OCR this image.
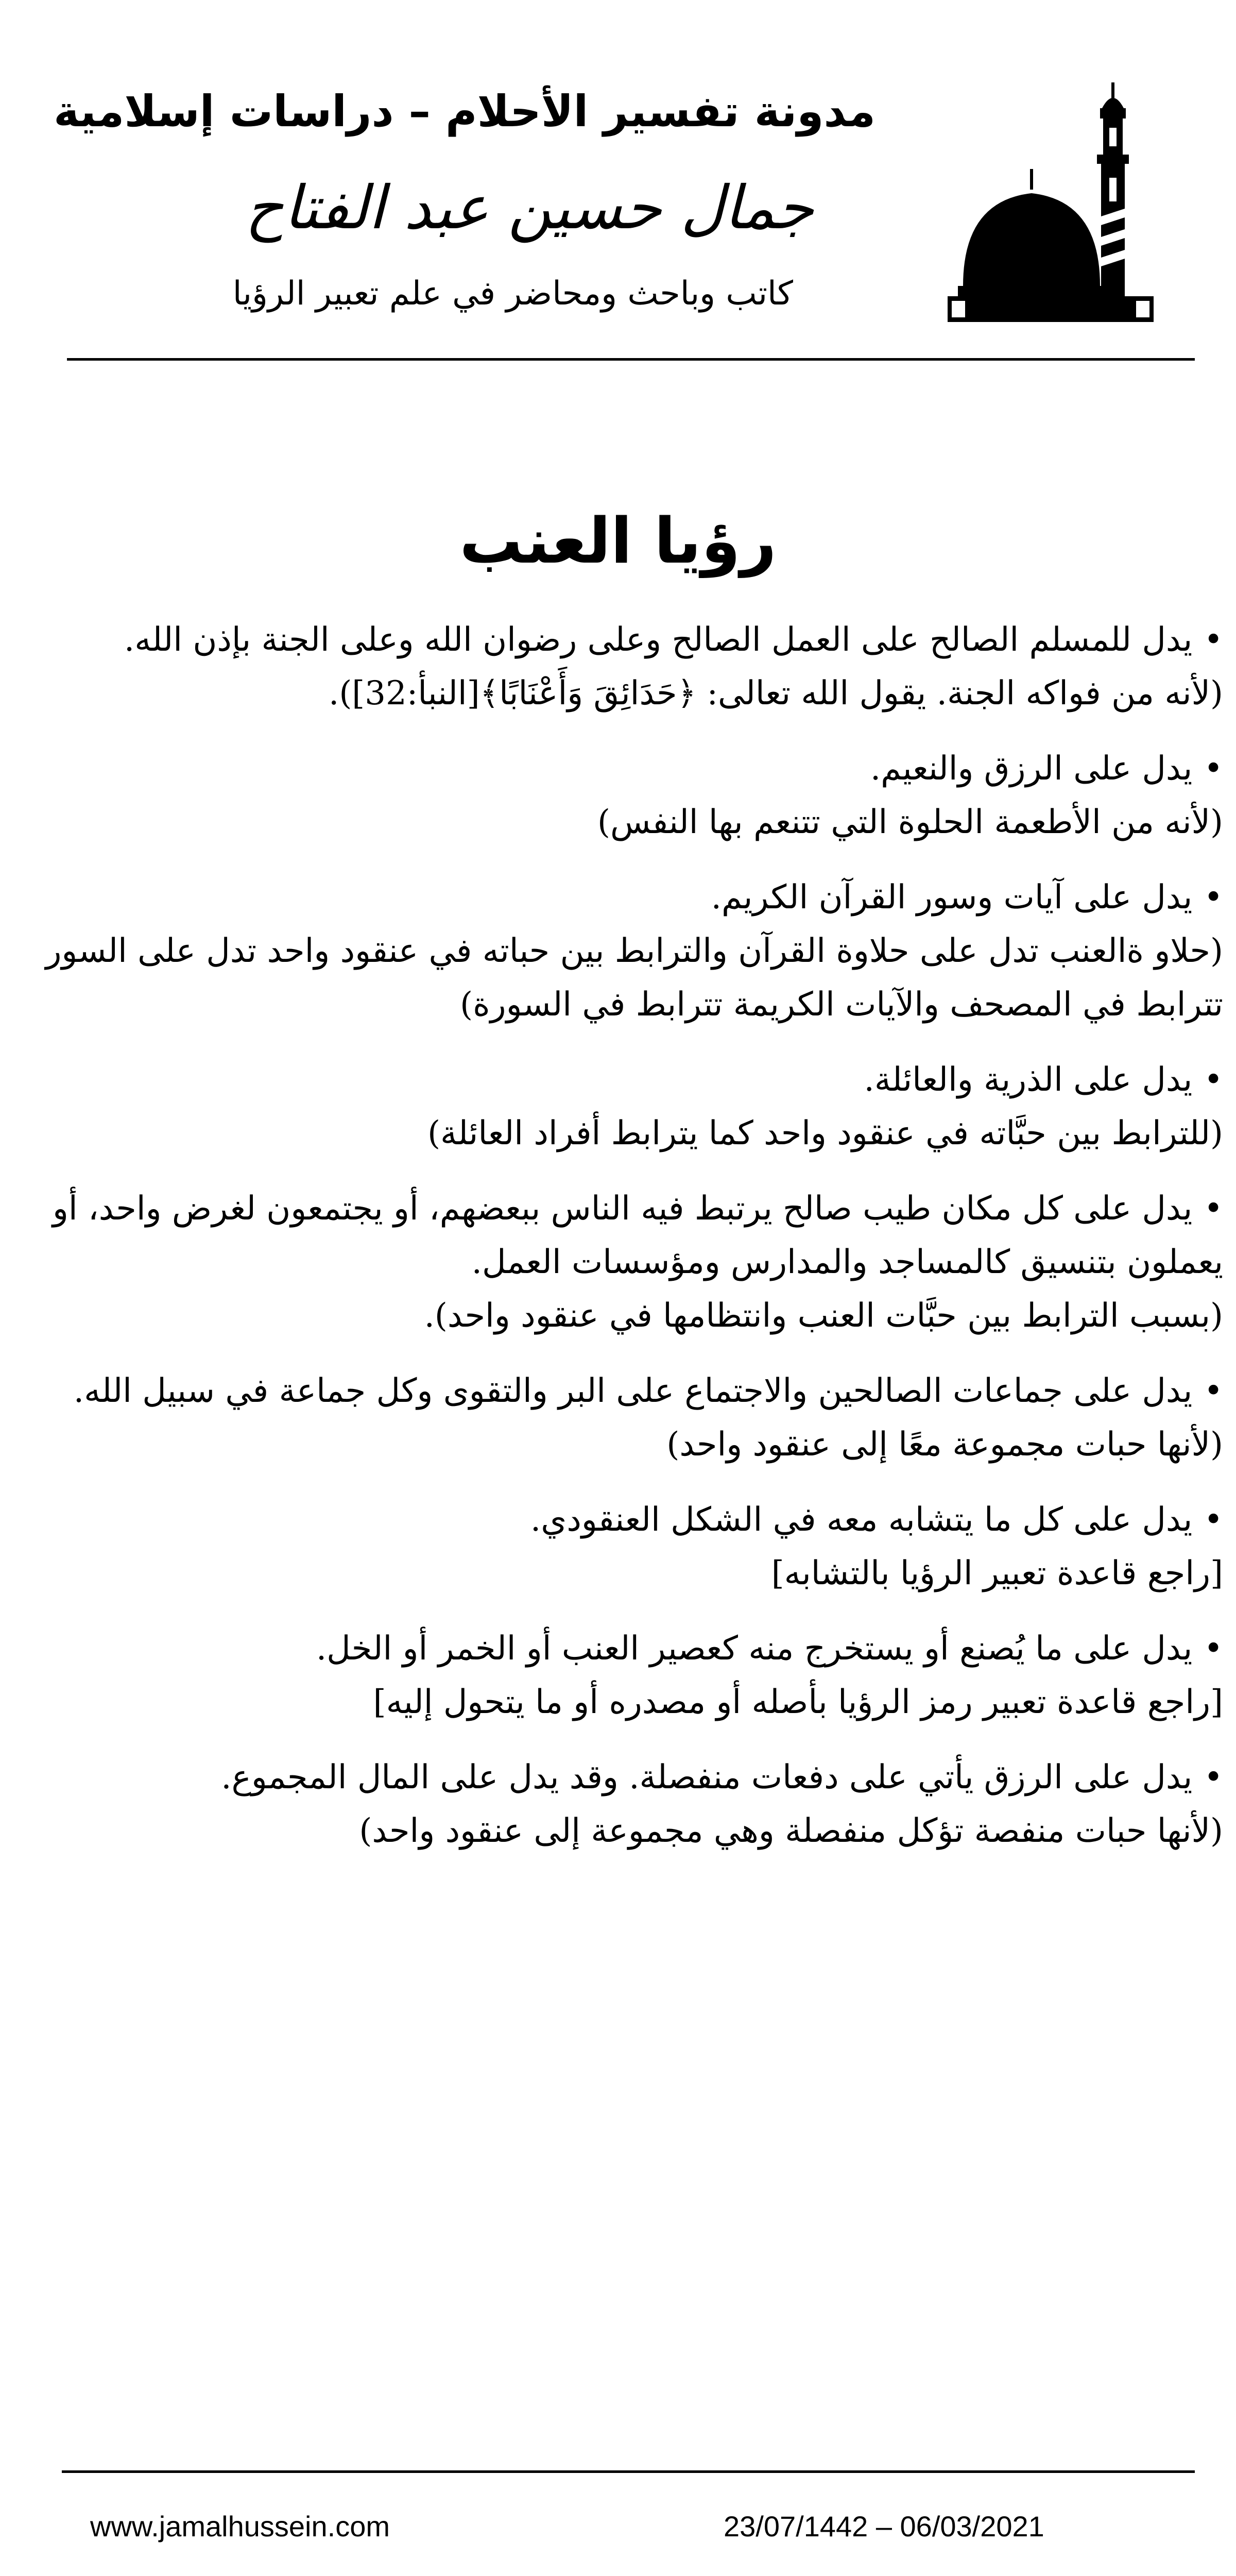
مدونة تفسير الأحلام – دراسات إسلامية
جمال حسين عبد الفتاح
كاتب وباحث ومحاضر في علم تعبير الرؤيا
رؤيا العنب

•يدل للمسلم الصالح على العمل الصالح وعلى رضوان الله وعلى الجنة بإذن الله.

(لأنه من فواكه الجنة. يقول الله تعالى: ﴿حَدَائِقَ وَأَعْنَابًا﴾[النبأ:32]).

•يدل على الرزق والنعيم.

(لأنه من الأطعمة الحلوة التي تتنعم بها النفس)

•يدل على آيات وسور القرآن الكريم.

(حلاو ةالعنب تدل على حلاوة القرآن والترابط بين حباته في عنقود واحد تدل على السور تترابط في المصحف والآيات الكريمة تترابط في السورة)

•يدل على الذرية والعائلة.

(للترابط بين حبَّاته في عنقود واحد كما يترابط أفراد العائلة)

•يدل على كل مكان طيب صالح يرتبط فيه الناس ببعضهم، أو يجتمعون لغرض واحد، أو يعملون بتنسيق كالمساجد والمدارس ومؤسسات العمل.

(بسبب الترابط بين حبَّات العنب وانتظامها في عنقود واحد).

•يدل على جماعات الصالحين والاجتماع على البر والتقوى وكل جماعة في سبيل الله.

(لأنها حبات مجموعة معًا إلى عنقود واحد)

•يدل على كل ما يتشابه معه في الشكل العنقودي.

[راجع قاعدة تعبير الرؤيا بالتشابه]

•يدل على ما يُصنع أو يستخرج منه كعصير العنب أو الخمر أو الخل.

[راجع قاعدة تعبير رمز الرؤيا بأصله أو مصدره أو ما يتحول إليه]

•يدل على الرزق يأتي على دفعات منفصلة. وقد يدل على المال المجموع.

(لأنها حبات منفصة تؤكل منفصلة وهي مجموعة إلى عنقود واحد)

www.jamalhussein.com	23/07/1442 – 06/03/2021
